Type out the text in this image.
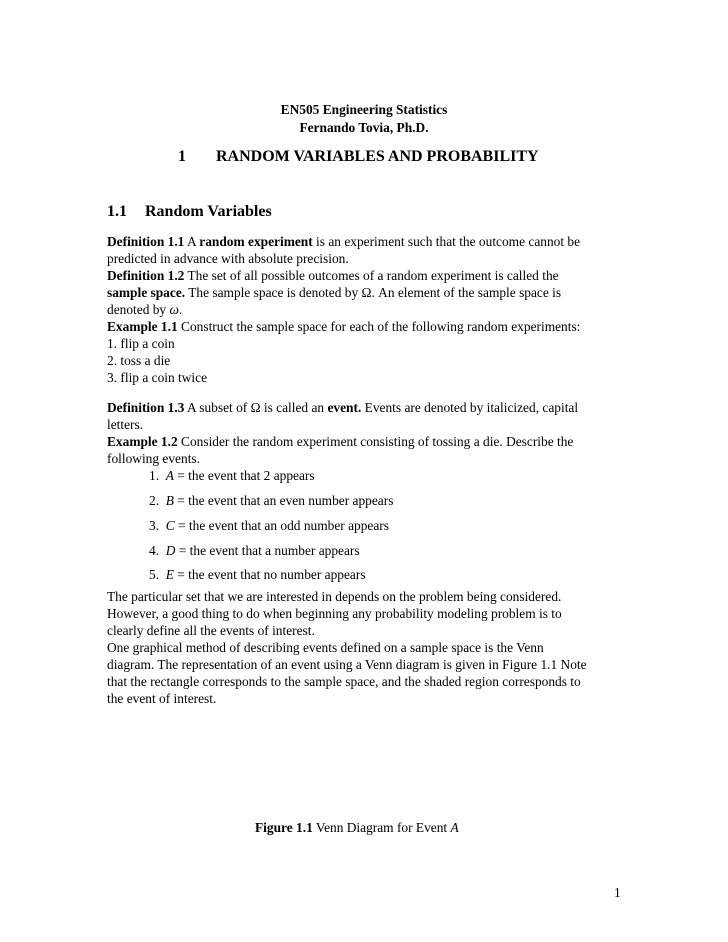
EN505 Engineering Statistics
Fernando Tovia, Ph.D.
1 RANDOM VARIABLES AND PROBABILITY
1.1 Random Variables
Definition 1.1 A random experiment is an experiment such that the outcome cannot be
predicted in advance with absolute precision.
Definition 1.2 The set of all possible outcomes of a random experiment is called the
sample space. The sample space is denoted by Ω. An element of the sample space is
denoted by ω.
Example 1.1 Construct the sample space for each of the following random experiments:
1. flip a coin
2. toss a die
3. flip a coin twice
Definition 1.3 A subset of Ω is called an event. Events are denoted by italicized, capital
letters.
Example 1.2 Consider the random experiment consisting of tossing a die. Describe the
following events.
1. A = the event that 2 appears
2. B = the event that an even number appears
3. C = the event that an odd number appears
4. D = the event that a number appears
5. E = the event that no number appears
The particular set that we are interested in depends on the problem being considered.
However, a good thing to do when beginning any probability modeling problem is to
clearly define all the events of interest.
One graphical method of describing events defined on a sample space is the Venn
diagram. The representation of an event using a Venn diagram is given in Figure 1.1 Note
that the rectangle corresponds to the sample space, and the shaded region corresponds to
the event of interest.
Figure 1.1 Venn Diagram for Event A
1
